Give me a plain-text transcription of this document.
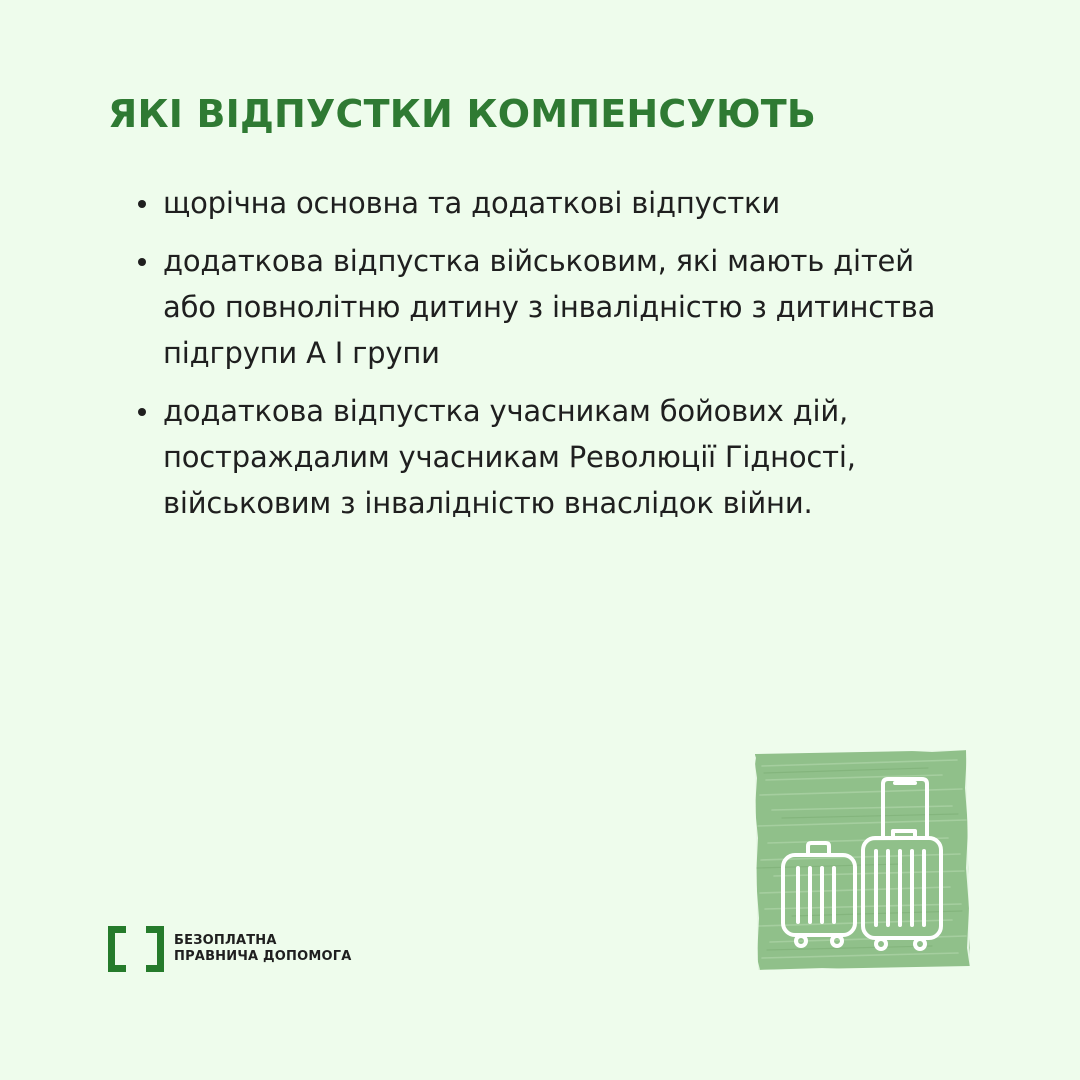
ЯКІ ВІДПУСТКИ КОМПЕНСУЮТЬ
щорічна основна та додаткові відпустки
додаткова відпустка військовим, які мають дітей
або повнолітню дитину з інвалідністю з дитинства
підгрупи А І групи
додаткова відпустка учасникам бойових дій,
постраждалим учасникам Революції Гідності,
військовим з інвалідністю внаслідок війни.
БЕЗОПЛАТНА
ПРАВНИЧА ДОПОМОГА
